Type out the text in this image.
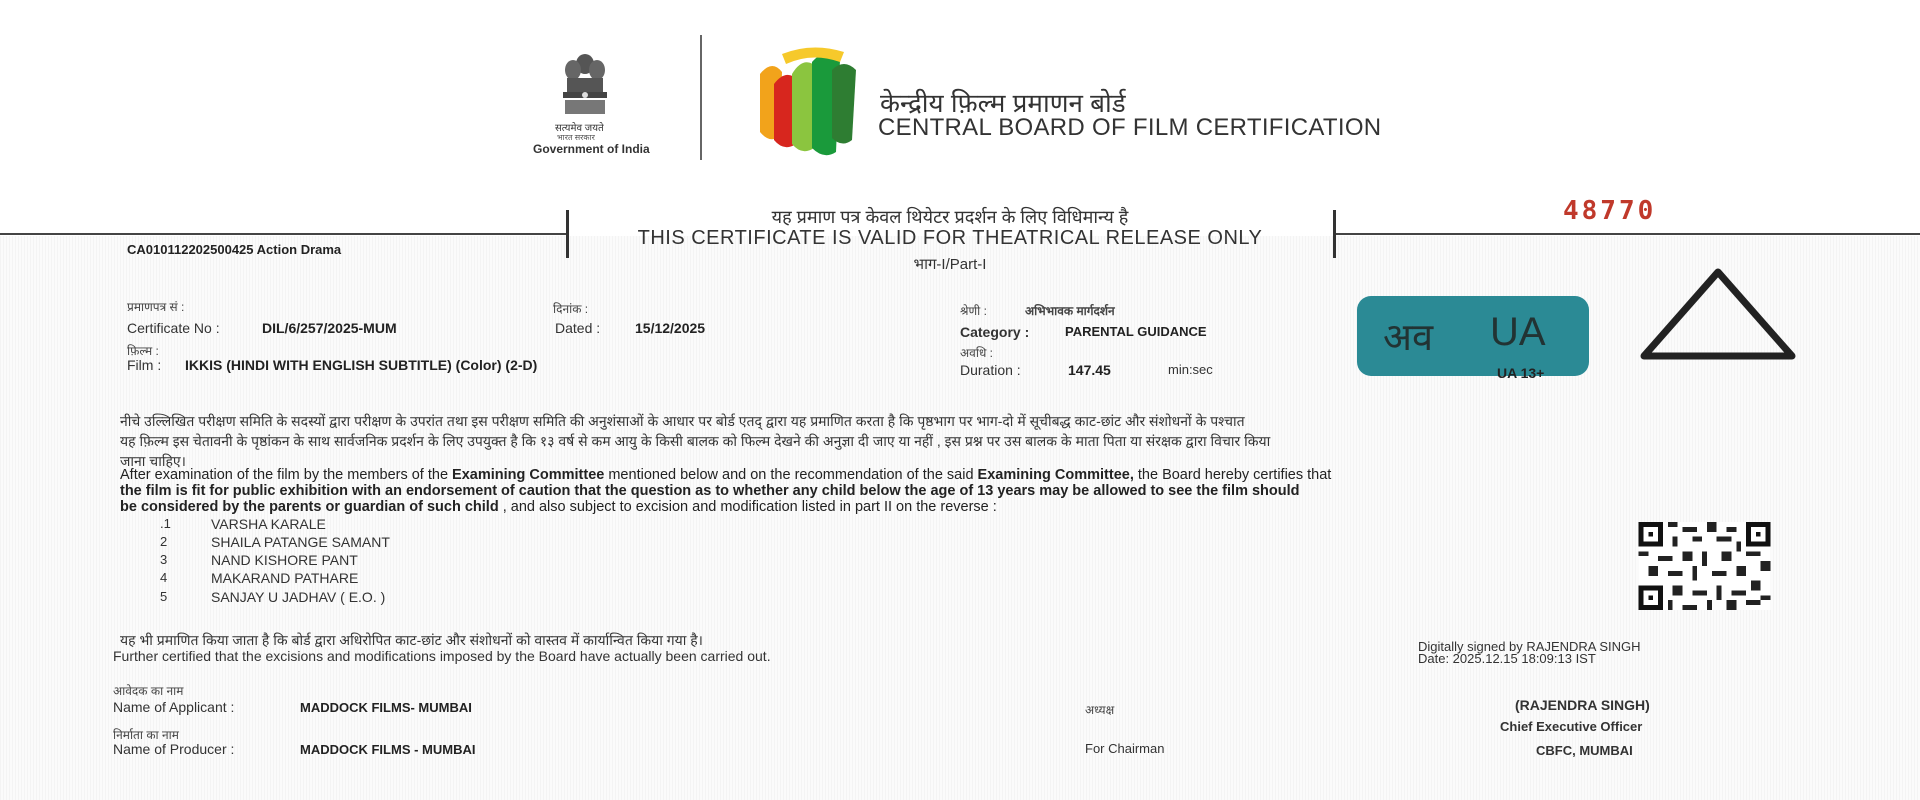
सत्यमेव जयते
भारत सरकार
Government of India
केन्द्रीय फ़िल्म प्रमाणन बोर्ड
CENTRAL BOARD OF FILM CERTIFICATION
48770
यह प्रमाण पत्र केवल थियेटर प्रदर्शन के लिए विधिमान्य है
THIS CERTIFICATE IS VALID FOR THEATRICAL RELEASE ONLY
भाग-I/Part-I
CA010112202500425 Action Drama
प्रमाणपत्र सं :
Certificate No :	DIL/6/257/2025-MUM
दिनांक :
Dated : 15/12/2025
फ़िल्म :
Film : IKKIS (HINDI WITH ENGLISH SUBTITLE) (Color) (2-D)
श्रेणी :	अभिभावक मार्गदर्शन
Category :	PARENTAL GUIDANCE
अवधि :
Duration :	147.45	min:sec
अव UA
UA 13+
नीचे उल्लिखित परीक्षण समिति के सदस्यों द्वारा परीक्षण के उपरांत तथा इस परीक्षण समिति की अनुशंसाओं के आधार पर बोर्ड एतद् द्वारा यह प्रमाणित करता है कि पृष्ठभाग पर भाग-दो में सूचीबद्ध काट-छांट और संशोधनों के पश्चात
यह फ़िल्म इस चेतावनी के पृष्ठांकन के साथ सार्वजनिक प्रदर्शन के लिए उपयुक्त है कि १३ वर्ष से कम आयु के किसी बालक को फिल्म देखने की अनुज्ञा दी जाए या नहीं , इस प्रश्न पर उस बालक के माता पिता या संरक्षक द्वारा विचार किया
जाना चाहिए।
After examination of the film by the members of the Examining Committee mentioned below and on the recommendation of the said Examining Committee, the Board hereby certifies that
the film is fit for public exhibition with an endorsement of caution that the question as to whether any child below the age of 13 years may be allowed to see the film should
be considered by the parents or guardian of such child , and also subject to excision and modification listed in part II on the reverse :
.1	VARSHA KARALE
2	SHAILA PATANGE SAMANT
3	NAND KISHORE PANT
4	MAKARAND PATHARE
5	SANJAY U JADHAV ( E.O. )
यह भी प्रमाणित किया जाता है कि बोर्ड द्वारा अधिरोपित काट-छांट और संशोधनों को वास्तव में कार्यान्वित किया गया है।
Further certified that the excisions and modifications imposed by the Board have actually been carried out.
Digitally signed by RAJENDRA SINGH
Date: 2025.12.15 18:09:13 IST
आवेदक का नाम
Name of Applicant :	MADDOCK FILMS- MUMBAI
निर्माता का नाम
Name of Producer :	MADDOCK FILMS - MUMBAI
अध्यक्ष
For Chairman
(RAJENDRA SINGH)
Chief Executive Officer
CBFC, MUMBAI
